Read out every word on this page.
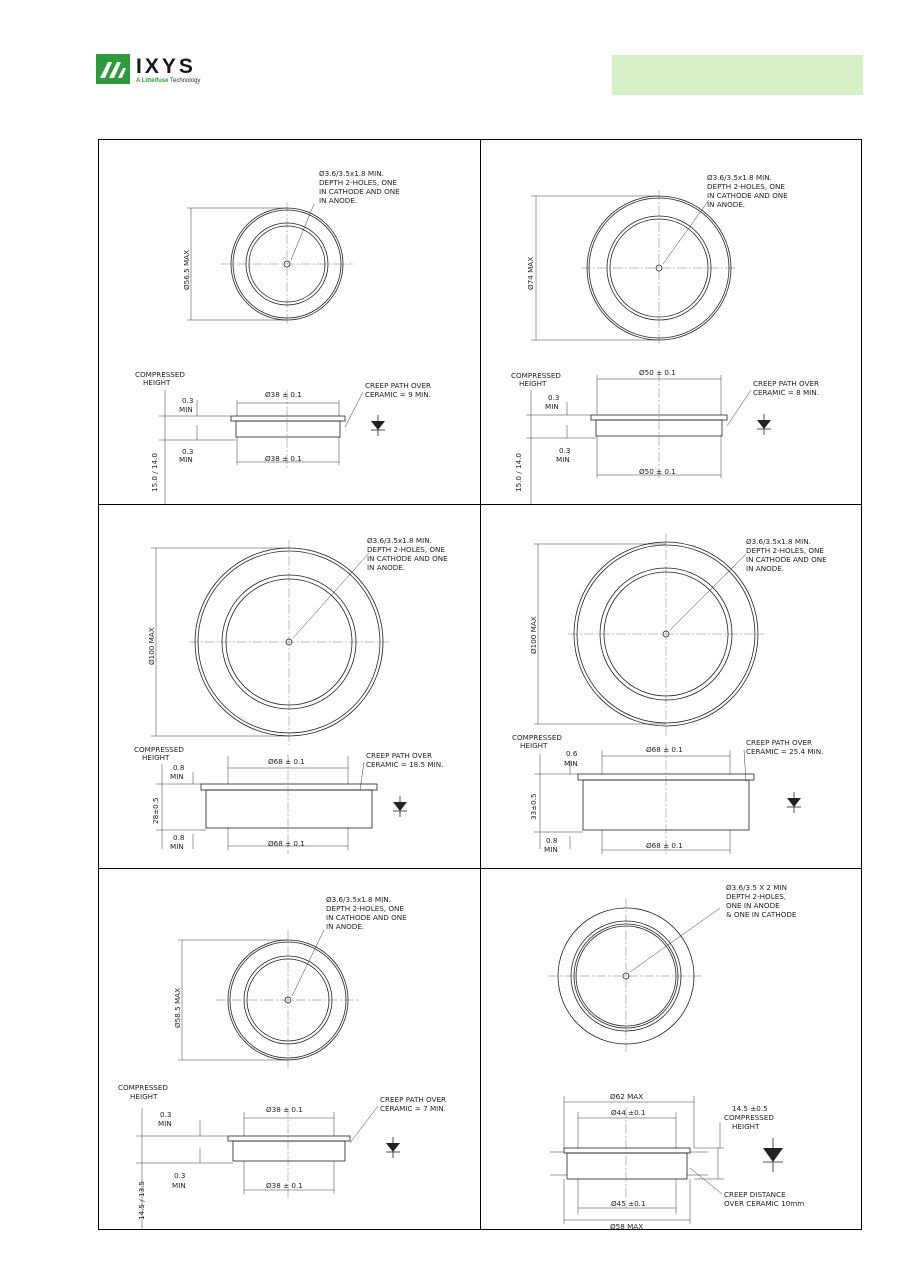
IXYS
A Littelfuse Technology
Ø56.5 MAX
Ø3.6/3.5x1.8 MIN.
DEPTH 2-HOLES, ONE
IN CATHODE AND ONE
IN ANODE.
Ø38 ± 0.1
Ø38 ± 0.1
COMPRESSED
HEIGHT
0.3
MIN
0.3
MIN
15.0 / 14.0
CREEP PATH OVER
CERAMIC = 9 MIN.
Ø74 MAX
Ø3.6/3.5x1.8 MIN.
DEPTH 2-HOLES, ONE
IN CATHODE AND ONE
IN ANODE.
Ø50 ± 0.1
Ø50 ± 0.1
COMPRESSED
HEIGHT
0.3
MIN
0.3
MIN
15.0 / 14.0
CREEP PATH OVER
CERAMIC = 8 MIN.
Ø100 MAX
Ø3.6/3.5x1.8 MIN.
DEPTH 2-HOLES, ONE
IN CATHODE AND ONE
IN ANODE.
Ø68 ± 0.1
Ø68 ± 0.1
COMPRESSED
HEIGHT
0.8
MIN
0.8
MIN
28±0.5
CREEP PATH OVER
CERAMIC = 18.5 MIN.
Ø100 MAX
Ø3.6/3.5x1.8 MIN.
DEPTH 2-HOLES, ONE
IN CATHODE AND ONE
IN ANODE.
Ø68 ± 0.1
Ø68 ± 0.1
COMPRESSED
HEIGHT
0.6
MIN
0.8
MIN
33±0.5
CREEP PATH OVER
CERAMIC = 25.4 MIN.
Ø58.5 MAX
Ø3.6/3.5x1.8 MIN.
DEPTH 2-HOLES, ONE
IN CATHODE AND ONE
IN ANODE.
Ø38 ± 0.1
Ø38 ± 0.1
COMPRESSED
HEIGHT
0.3
MIN
0.3
MIN
14.5 / 13.5
CREEP PATH OVER
CERAMIC = 7 MIN.
Ø3.6/3.5 X 2 MIN
DEPTH 2-HOLES,
ONE IN ANODE
& ONE IN CATHODE
Ø62 MAX
Ø44 ±0.1
Ø45 ±0.1
Ø58 MAX
14.5 ±0.5
COMPRESSED
HEIGHT
CREEP DISTANCE
OVER CERAMIC 10mm
